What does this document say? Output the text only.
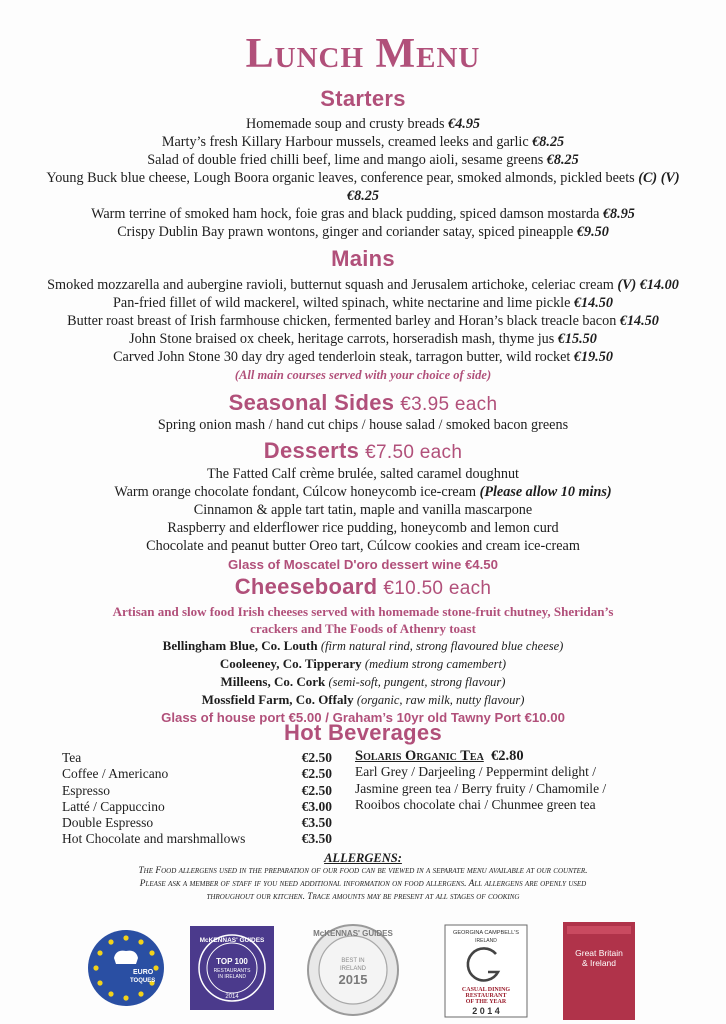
Lunch Menu
Starters
Homemade soup and crusty breads €4.95
Marty’s fresh Killary Harbour mussels, creamed leeks and garlic €8.25
Salad of double fried chilli beef, lime and mango aioli, sesame greens €8.25
Young Buck blue cheese, Lough Boora organic leaves, conference pear, smoked almonds, pickled beets (C) (V)
€8.25
Warm terrine of smoked ham hock, foie gras and black pudding, spiced damson mostarda €8.95
Crispy Dublin Bay prawn wontons, ginger and coriander satay, spiced pineapple €9.50
Mains
Smoked mozzarella and aubergine ravioli, butternut squash and Jerusalem artichoke, celeriac cream (V) €14.00
Pan-fried fillet of wild mackerel, wilted spinach, white nectarine and lime pickle €14.50
Butter roast breast of Irish farmhouse chicken, fermented barley and Horan’s black treacle bacon €14.50
John Stone braised ox cheek, heritage carrots, horseradish mash, thyme jus €15.50
Carved John Stone 30 day dry aged tenderloin steak, tarragon butter, wild rocket €19.50
(All main courses served with your choice of side)
Seasonal Sides €3.95 each
Spring onion mash / hand cut chips / house salad / smoked bacon greens
Desserts €7.50 each
The Fatted Calf crème brulée, salted caramel doughnut
Warm orange chocolate fondant, Cúlcow honeycomb ice-cream (Please allow 10 mins)
Cinnamon & apple tart tatin, maple and vanilla mascarpone
Raspberry and elderflower rice pudding, honeycomb and lemon curd
Chocolate and peanut butter Oreo tart, Cúlcow cookies and cream ice-cream
Glass of Moscatel D'oro dessert wine €4.50
Cheeseboard €10.50 each
Artisan and slow food Irish cheeses served with homemade stone-fruit chutney, Sheridan’s
crackers and The Foods of Athenry toast
Bellingham Blue, Co. Louth (firm natural rind, strong flavoured blue cheese)
Cooleeney, Co. Tipperary (medium strong camembert)
Milleens, Co. Cork (semi-soft, pungent, strong flavour)
Mossfield Farm, Co. Offaly (organic, raw milk, nutty flavour)
Glass of house port €5.00 / Graham’s 10yr old Tawny Port €10.00
Hot Beverages
Tea	€2.50
Coffee / Americano	€2.50
Espresso	€2.50
Latté / Cappuccino	€3.00
Double Espresso	€3.50
Hot Chocolate and marshmallows	€3.50
Solaris Organic Tea €2.80
Earl Grey / Darjeeling / Peppermint delight /
Jasmine green tea / Berry fruity / Chamomile /
Rooibos chocolate chai / Chunmee green tea
ALLERGENS:
The Food allergens used in the preparation of our food can be viewed in a separate menu available at our counter.
Please ask a member of staff if you need additional information on food allergens. All allergens are openly used
throughout our kitchen. Trace amounts may be present at all stages of cooking
EURO
TOQUES
McKENNAS' GUIDES
TOP 100
RESTAURANTS
IN IRELAND
2014
McKENNAS' GUIDES
BEST IN
IRELAND
2015
GEORGINA CAMPBELL'S
IRELAND
CASUAL DINING
RESTAURANT
OF THE YEAR
2 0 1 4
Great Britain
& Ireland
